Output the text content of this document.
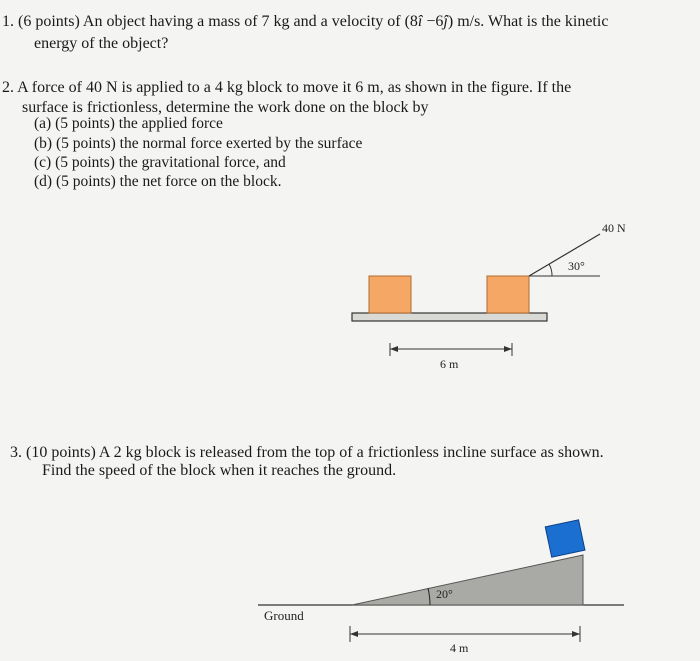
1. (6 points) An object having a mass of 7 kg and a velocity of (8î −6ĵ) m/s. What is the kinetic
energy of the object?
2. A force of 40 N is applied to a 4 kg block to move it 6 m, as shown in the figure. If the
surface is frictionless, determine the work done on the block by
(a) (5 points) the applied force
(b) (5 points) the normal force exerted by the surface
(c) (5 points) the gravitational force, and
(d) (5 points) the net force on the block.
40 N
30°
6 m
3. (10 points) A 2 kg block is released from the top of a frictionless incline surface as shown.
Find the speed of the block when it reaches the ground.
20°
Ground
4 m
